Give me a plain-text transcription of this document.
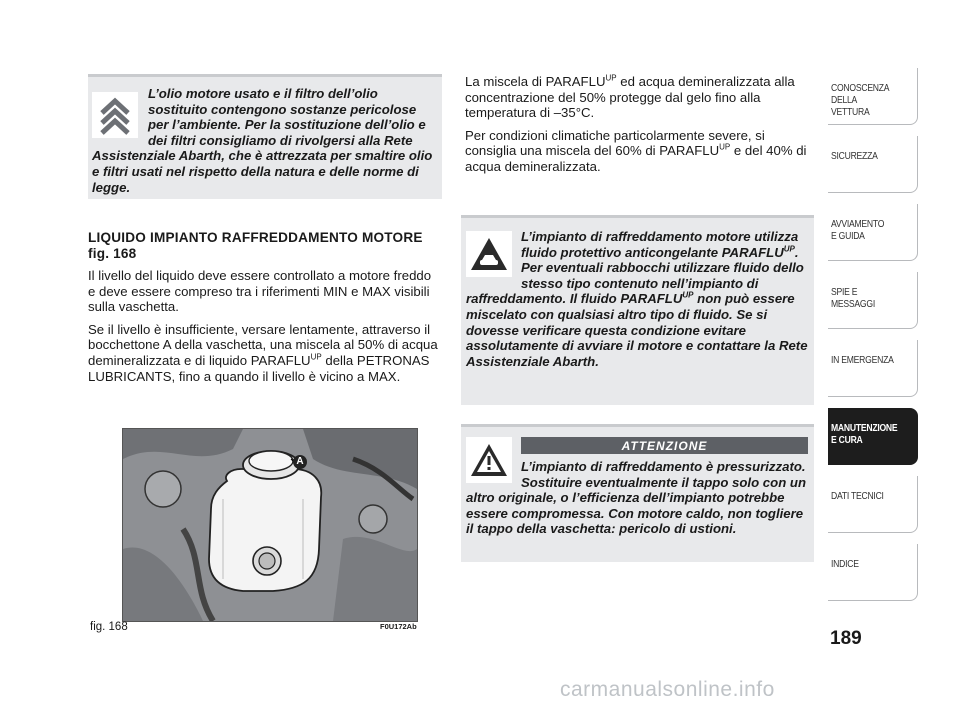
L’olio motore usato e il filtro dell’olio sostituito contengono sostanze pericolose per l’ambiente. Per la sostituzione dell’olio e dei filtri consigliamo di rivolgersi alla Rete Assistenziale Abarth, che è attrezzata per smaltire olio e filtri usati nel rispetto della natura e delle norme di legge.
LIQUIDO IMPIANTO RAFFREDDAMENTO MOTORE fig. 168

Il livello del liquido deve essere controllato a motore freddo e deve essere compreso tra i riferimenti MIN e MAX visibili sulla vaschetta.

Se il livello è insufficiente, versare lentamente, attraverso il bocchettone A della vaschetta, una miscela al 50% di acqua demineralizzata e di liquido $PARAFLU^{UP}$ della PETRONAS LUBRICANTS, fino a quando il livello è vicino a MAX.

A
fig. 168	F0U172Ab

La miscela di $PARAFLU^{UP}$ ed acqua demineralizzata alla concentrazione del 50% protegge dal gelo fino alla temperatura di –35°C.

Per condizioni climatiche particolarmente severe, si consiglia una miscela del 60% di $PARAFLU^{UP}$ e del 40% di acqua demineralizzata.

L’impianto di raffreddamento motore utilizza fluido protettivo anticongelante $PARAFLU^{UP}$. Per eventuali rabbocchi utilizzare fluido dello stesso tipo contenuto nell’impianto di raffreddamento. Il fluido $PARAFLU^{UP}$ non può essere miscelato con qualsiasi altro tipo di fluido. Se si dovesse verificare questa condizione evitare assolutamente di avviare il motore e contattare la Rete Assistenziale Abarth.
ATTENZIONE
L’impianto di raffreddamento è pressurizzato. Sostituire eventualmente il tappo solo con un altro originale, o l’efficienza dell’impianto potrebbe essere compromessa. Con motore caldo, non togliere il tappo della vaschetta: pericolo di ustioni.
CONOSCENZA
DELLA
VETTURA
SICUREZZA
AVVIAMENTO
E GUIDA
SPIE E
MESSAGGI
IN EMERGENZA
MANUTENZIONE
E CURA
DATI TECNICI
INDICE
189
carmanualsonline.info
